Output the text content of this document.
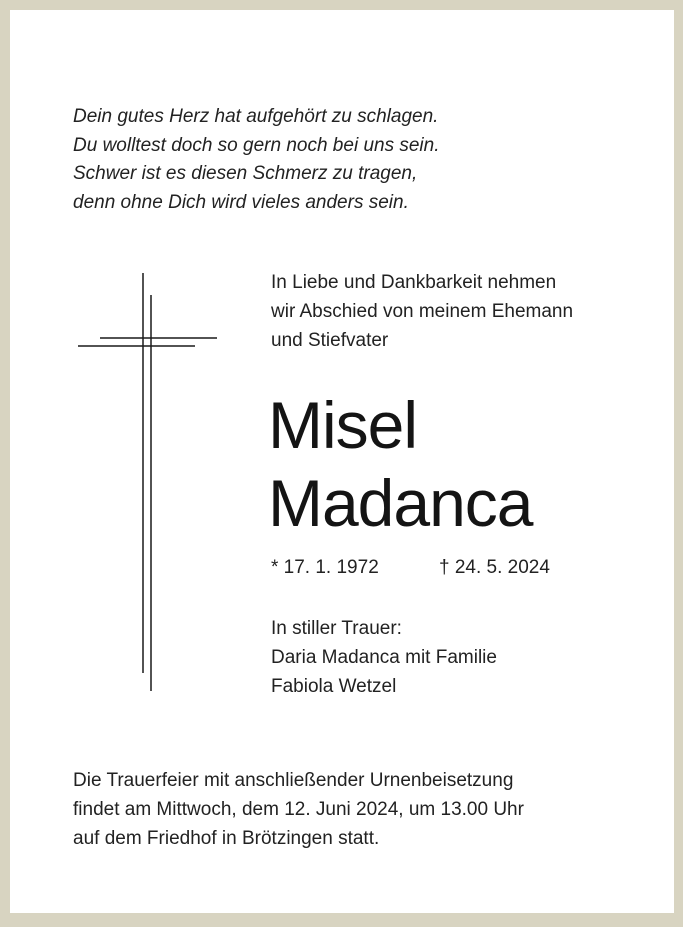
Dein gutes Herz hat aufgehört zu schlagen.
Du wolltest doch so gern noch bei uns sein.
Schwer ist es diesen Schmerz zu tragen,
denn ohne Dich wird vieles anders sein.
In Liebe und Dankbarkeit nehmen
wir Abschied von meinem Ehemann
und Stiefvater
Misel
Madanca
* 17. 1. 1972	† 24. 5. 2024
In stiller Trauer:
Daria Madanca mit Familie
Fabiola Wetzel
Die Trauerfeier mit anschließender Urnenbeisetzung
findet am Mittwoch, dem 12. Juni 2024, um 13.00 Uhr
auf dem Friedhof in Brötzingen statt.
